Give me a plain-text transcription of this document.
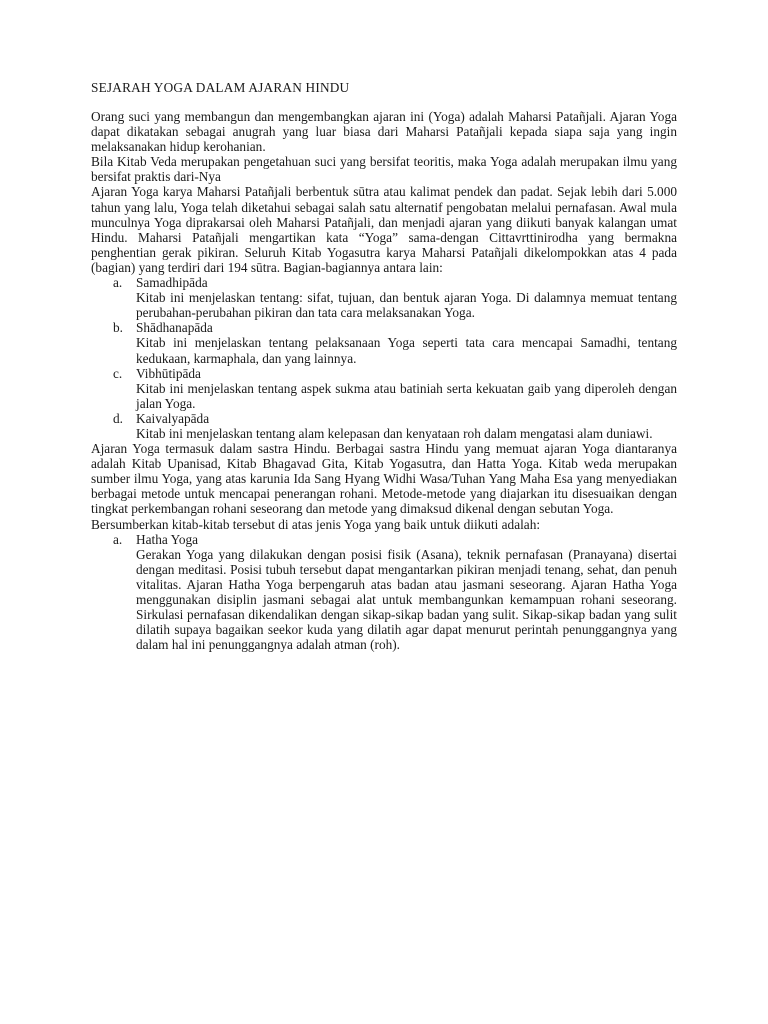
SEJARAH YOGA DALAM AJARAN HINDU

Orang suci yang membangun dan mengembangkan ajaran ini (Yoga) adalah Maharsi Patañjali. Ajaran Yoga dapat dikatakan sebagai anugrah yang luar biasa dari Maharsi Patañjali kepada siapa saja yang ingin melaksanakan hidup kerohanian.

Bila Kitab Veda merupakan pengetahuan suci yang bersifat teoritis, maka Yoga adalah merupakan ilmu yang bersifat praktis dari-Nya

Ajaran Yoga karya Maharsi Patañjali berbentuk sūtra atau kalimat pendek dan padat. Sejak lebih dari 5.000 tahun yang lalu, Yoga telah diketahui sebagai salah satu alternatif pengobatan melalui pernafasan. Awal mula munculnya Yoga diprakarsai oleh Maharsi Patañjali, dan menjadi ajaran yang diikuti banyak kalangan umat Hindu. Maharsi Patañjali mengartikan kata “Yoga” sama-dengan Cittavrttinirodha yang bermakna penghentian gerak pikiran. Seluruh Kitab Yogasutra karya Maharsi Patañjali dikelompokkan atas 4 pada (bagian) yang terdiri dari 194 sūtra. Bagian-bagiannya antara lain:

a. Samadhipāda
Kitab ini menjelaskan tentang: sifat, tujuan, dan bentuk ajaran Yoga. Di dalamnya memuat tentang perubahan-perubahan pikiran dan tata cara melaksanakan Yoga.
b. Shādhanapāda
Kitab ini menjelaskan tentang pelaksanaan Yoga seperti tata cara mencapai Samadhi, tentang kedukaan, karmaphala, dan yang lainnya.
c. Vibhūtipāda
Kitab ini menjelaskan tentang aspek sukma atau batiniah serta kekuatan gaib yang diperoleh dengan jalan Yoga.
d. Kaivalyapāda
Kitab ini menjelaskan tentang alam kelepasan dan kenyataan roh dalam mengatasi alam duniawi.

Ajaran Yoga termasuk dalam sastra Hindu. Berbagai sastra Hindu yang memuat ajaran Yoga diantaranya adalah Kitab Upanisad, Kitab Bhagavad Gita, Kitab Yogasutra, dan Hatta Yoga. Kitab weda merupakan sumber ilmu Yoga, yang atas karunia Ida Sang Hyang Widhi Wasa/Tuhan Yang Maha Esa yang menyediakan berbagai metode untuk mencapai penerangan rohani. Metode-metode yang diajarkan itu disesuaikan dengan tingkat perkembangan rohani seseorang dan metode yang dimaksud dikenal dengan sebutan Yoga.

Bersumberkan kitab-kitab tersebut di atas jenis Yoga yang baik untuk diikuti adalah:

a. Hatha Yoga
Gerakan Yoga yang dilakukan dengan posisi fisik (Asana), teknik pernafasan (Pranayana) disertai dengan meditasi. Posisi tubuh tersebut dapat mengantarkan pikiran menjadi tenang, sehat, dan penuh vitalitas. Ajaran Hatha Yoga berpengaruh atas badan atau jasmani seseorang. Ajaran Hatha Yoga menggunakan disiplin jasmani sebagai alat untuk membangunkan kemampuan rohani seseorang. Sirkulasi pernafasan dikendalikan dengan sikap-sikap badan yang sulit. Sikap-sikap badan yang sulit dilatih supaya bagaikan seekor kuda yang dilatih agar dapat menurut perintah penunggangnya yang dalam hal ini penunggangnya adalah atman (roh).
